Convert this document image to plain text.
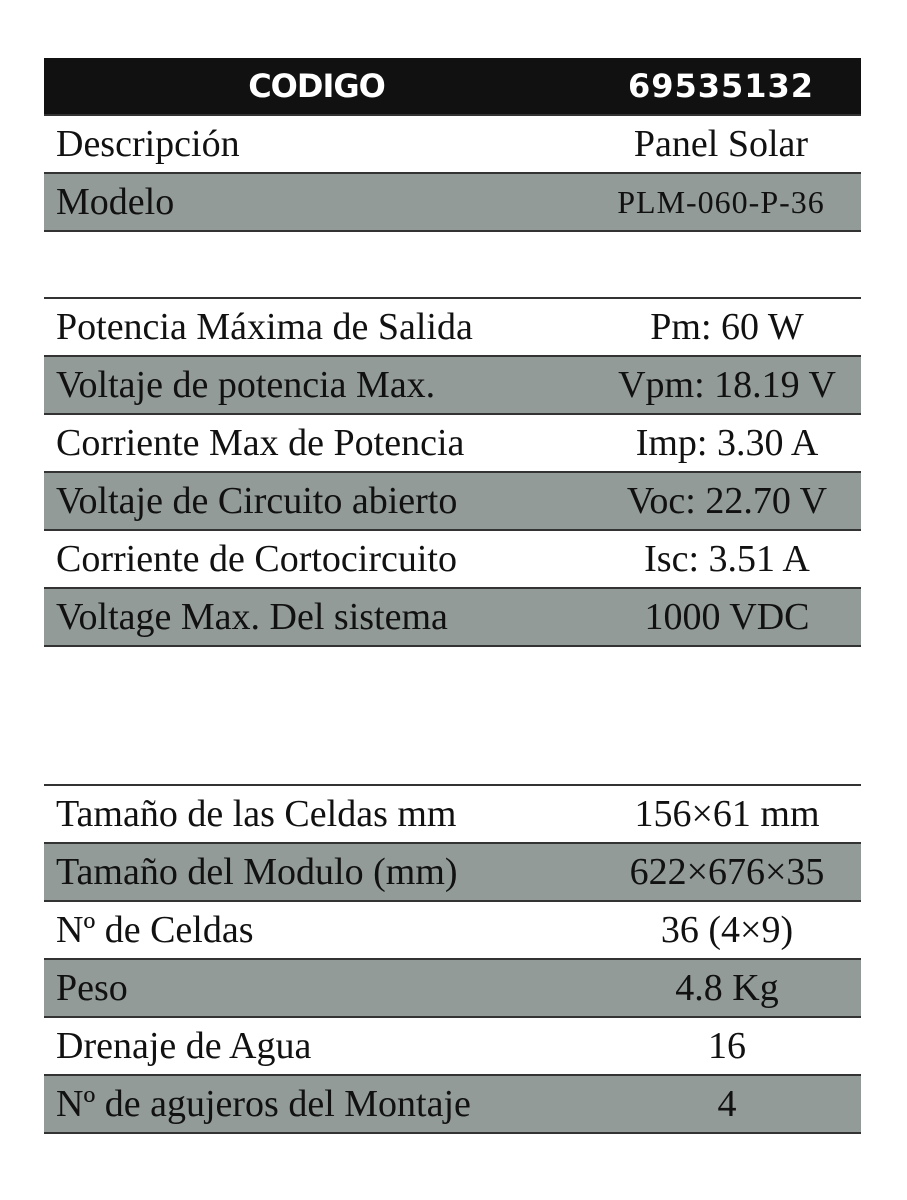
CODIGO	69535132
Descripción	Panel Solar
Modelo	PLM-060-P-36
Potencia Máxima de Salida	Pm: 60 W
Voltaje de potencia Max.	Vpm: 18.19 V
Corriente Max de Potencia	Imp: 3.30 A
Voltaje de Circuito abierto	Voc: 22.70 V
Corriente de Cortocircuito	Isc: 3.51 A
Voltage Max. Del sistema	1000 VDC
Tamaño de las Celdas mm	156×61 mm
Tamaño del Modulo (mm)	622×676×35
Nº de Celdas	36 (4×9)
Peso	4.8 Kg
Drenaje de Agua	16
Nº de agujeros del Montaje	4
